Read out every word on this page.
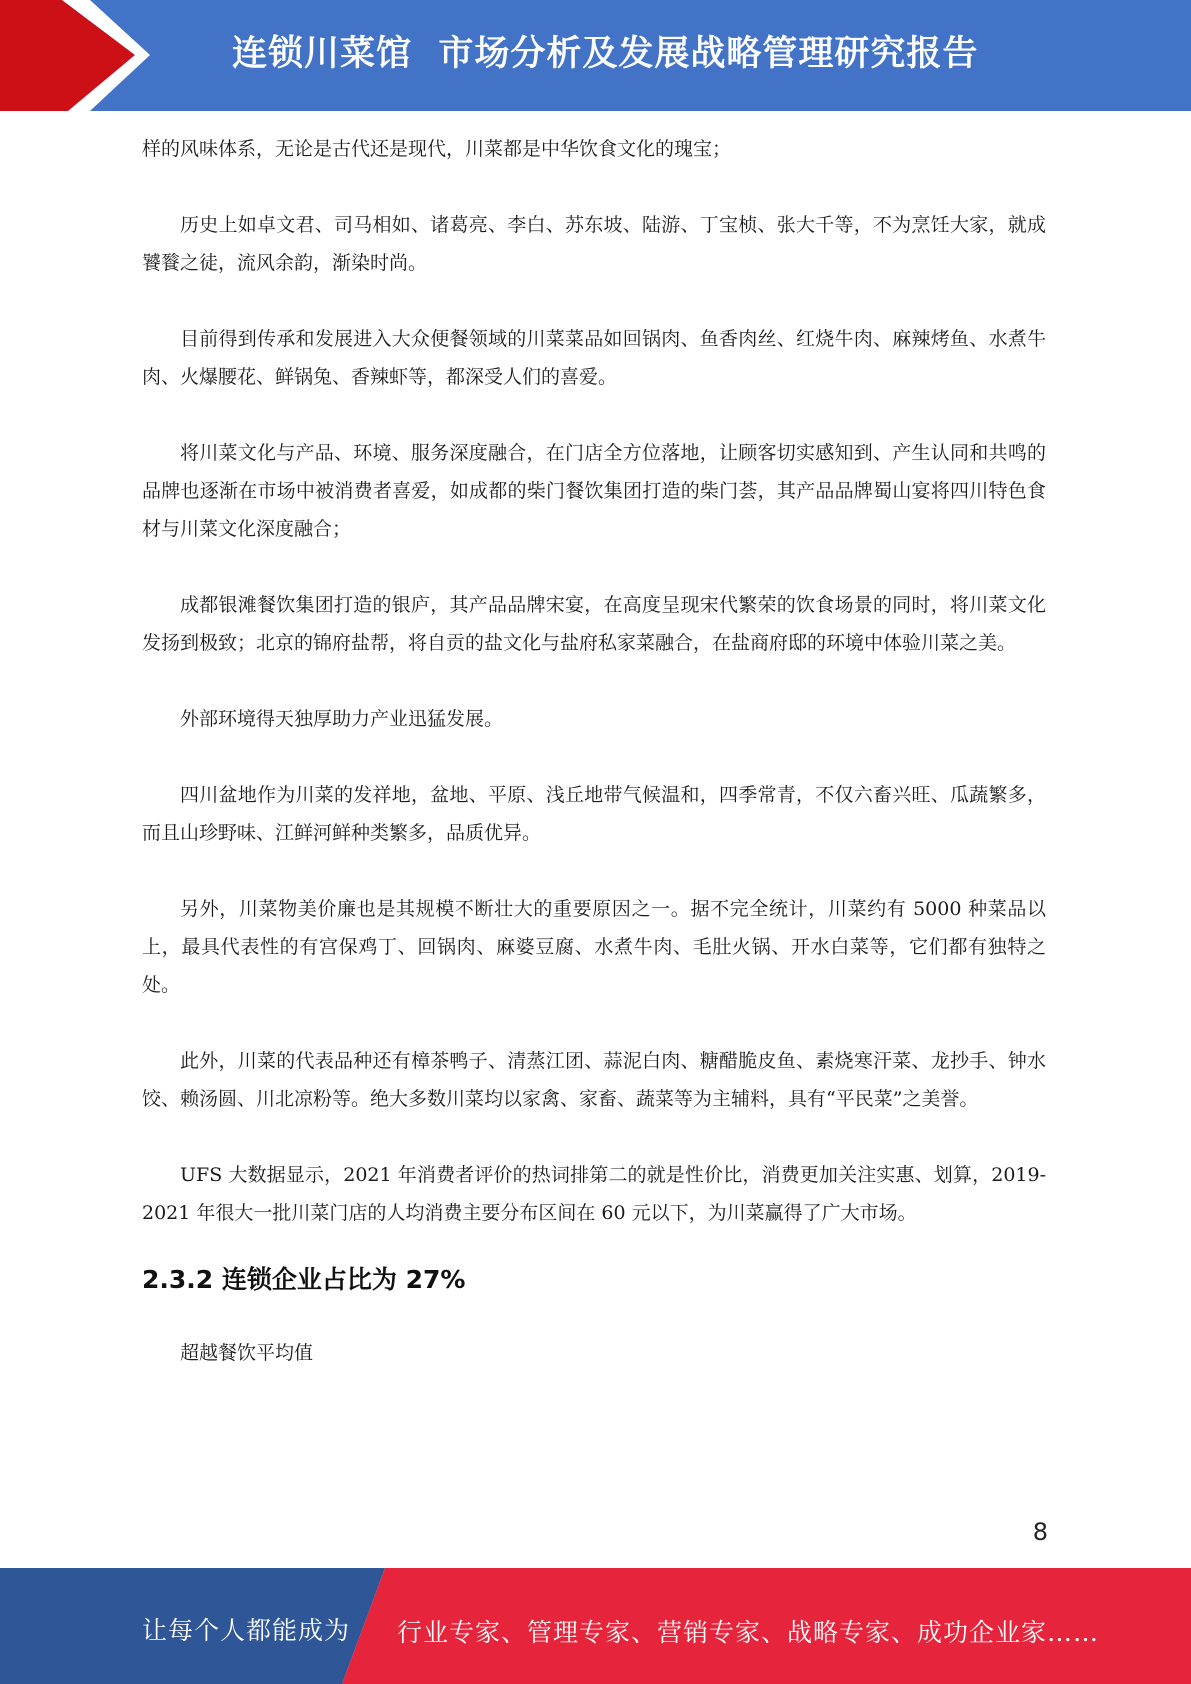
连锁川菜馆  市场分析及发展战略管理研究报告

样的风味体系，无论是古代还是现代，川菜都是中华饮食文化的瑰宝；

历史上如卓文君、司马相如、诸葛亮、李白、苏东坡、陆游、丁宝桢、张大千等，不为烹饪大家，就成饕餮之徒，流风余韵，渐染时尚。

目前得到传承和发展进入大众便餐领域的川菜菜品如回锅肉、鱼香肉丝、红烧牛肉、麻辣烤鱼、水煮牛肉、火爆腰花、鲜锅兔、香辣虾等，都深受人们的喜爱。

将川菜文化与产品、环境、服务深度融合，在门店全方位落地，让顾客切实感知到、产生认同和共鸣的品牌也逐渐在市场中被消费者喜爱，如成都的柴门餐饮集团打造的柴门荟，其产品品牌蜀山宴将四川特色食材与川菜文化深度融合；

成都银滩餐饮集团打造的银庐，其产品品牌宋宴，在高度呈现宋代繁荣的饮食场景的同时，将川菜文化发扬到极致；北京的锦府盐帮，将自贡的盐文化与盐府私家菜融合，在盐商府邸的环境中体验川菜之美。

外部环境得天独厚助力产业迅猛发展。

四川盆地作为川菜的发祥地，盆地、平原、浅丘地带气候温和，四季常青，不仅六畜兴旺、瓜蔬繁多，而且山珍野味、江鲜河鲜种类繁多，品质优异。

另外，川菜物美价廉也是其规模不断壮大的重要原因之一。据不完全统计，川菜约有 5000 种菜品以上，最具代表性的有宫保鸡丁、回锅肉、麻婆豆腐、水煮牛肉、毛肚火锅、开水白菜等，它们都有独特之处。

此外，川菜的代表品种还有樟茶鸭子、清蒸江团、蒜泥白肉、糖醋脆皮鱼、素烧寒汗菜、龙抄手、钟水饺、赖汤圆、川北凉粉等。绝大多数川菜均以家禽、家畜、蔬菜等为主辅料，具有“平民菜”之美誉。

UFS 大数据显示，2021 年消费者评价的热词排第二的就是性价比，消费更加关注实惠、划算，2019-2021 年很大一批川菜门店的人均消费主要分布区间在 60 元以下，为川菜赢得了广大市场。

2.3.2 连锁企业占比为 27%

超越餐饮平均值

8
让每个人都能成为 行业专家、管理专家、营销专家、战略专家、成功企业家……
